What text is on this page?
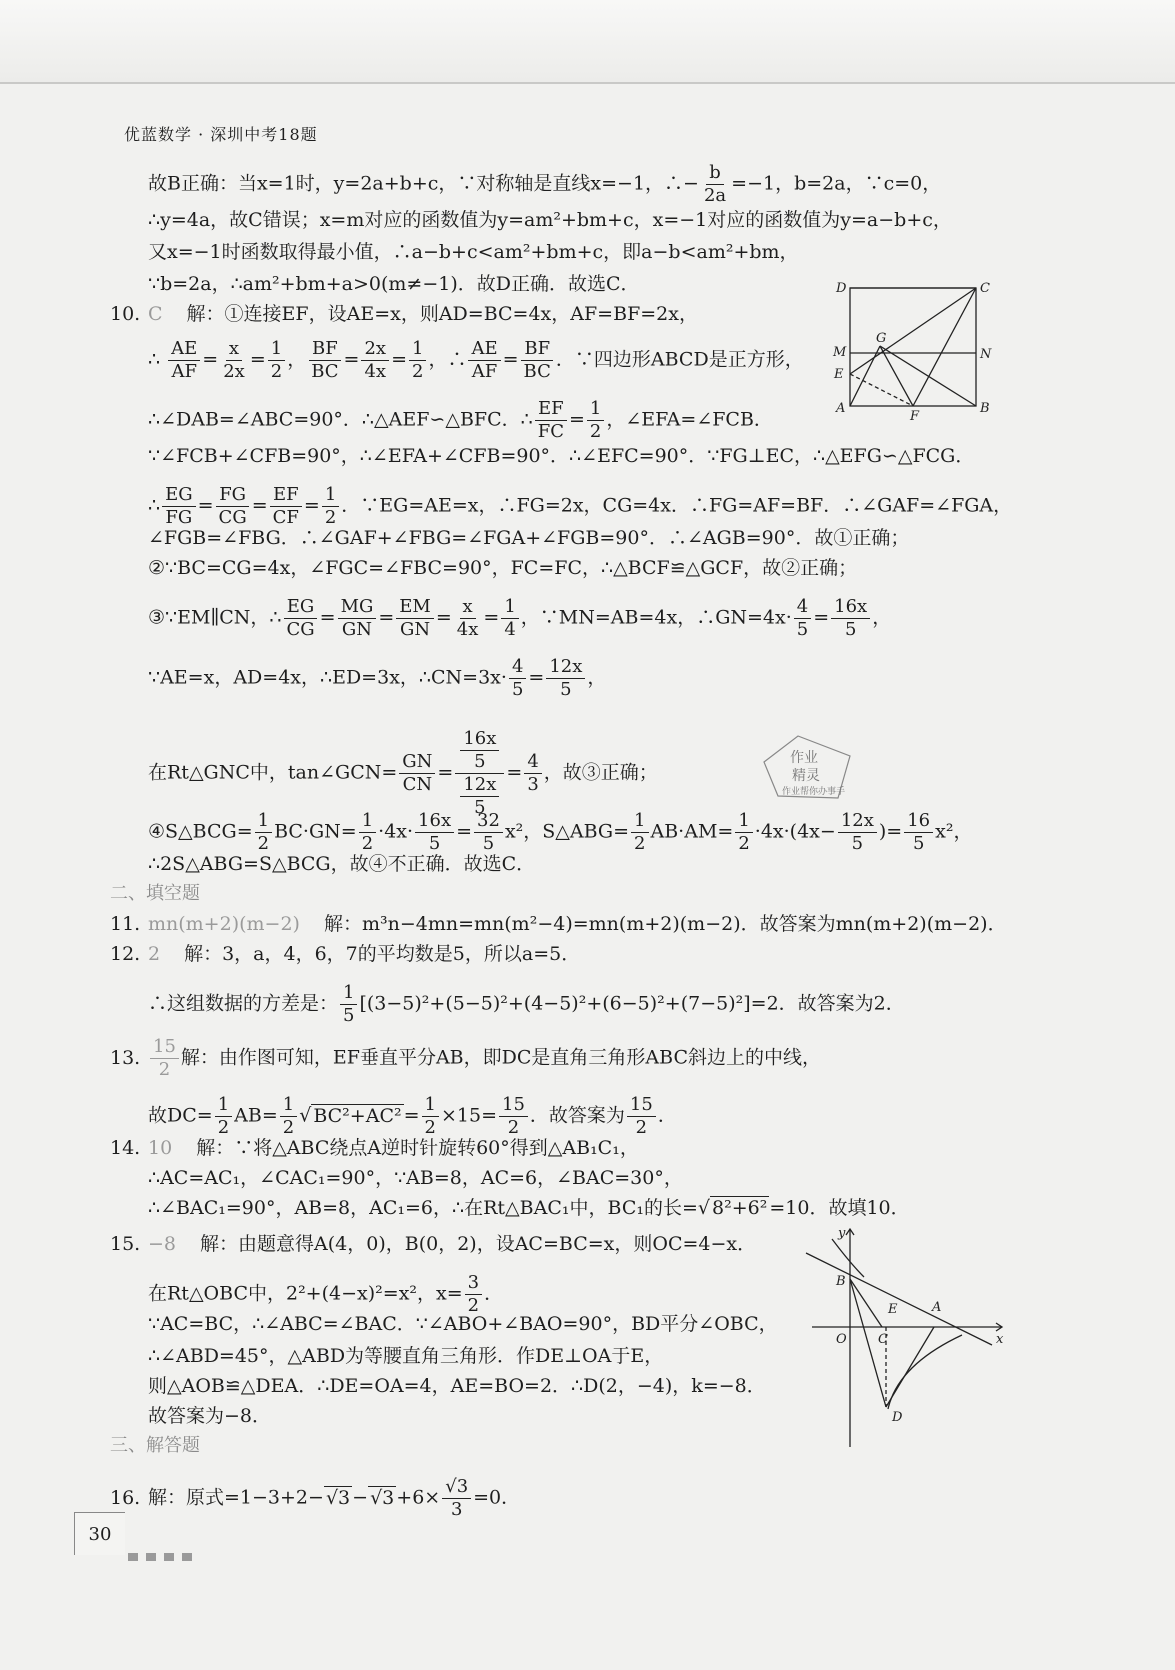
优蓝数学 · 深圳中考18题
故B正确：当x=1时，y=2a+b+c，∵对称轴是直线x=−1，∴− $\frac{b}{2a} =-1$，b=2a，∵c=0，
∴y=4a，故C错误；x=m对应的函数值为y=am²+bm+c，x=−1对应的函数值为y=a−b+c，
又x=−1时函数取得最小值，∴a−b+c<am²+bm+c，即a−b<am²+bm，
∵b=2a，∴am²+bm+a>0(m≠−1)．故D正确．故选C．
10. C 解：①连接EF，设AE=x，则AD=BC=4x，AF=BF=2x，
∴ $\frac{AE}{AF} = \frac{x}{2x} = \frac{1}{2}$ ， $\frac{BF}{BC} = \frac{2x}{4x} = \frac{1}{2}$ ，∴ $\frac{AE}{AF} = \frac{BF}{BC}$ ．∵四边形ABCD是正方形，
∴∠DAB=∠ABC=90°．∴△AEF∽△BFC．∴ $\frac{EF}{FC} = \frac{1}{2}$ ，∠EFA=∠FCB．
∵∠FCB+∠CFB=90°，∴∠EFA+∠CFB=90°．∴∠EFC=90°．∵FG⊥EC，∴△EFG∽△FCG．
∴ $\frac{EG}{FG} = \frac{FG}{CG} = \frac{EF}{CF} = \frac{1}{2}$ ．∵EG=AE=x，∴FG=2x，CG=4x．∴FG=AF=BF．∴∠GAF=∠FGA，
∠FGB=∠FBG．∴∠GAF+∠FBG=∠FGA+∠FGB=90°．∴∠AGB=90°．故①正确；
②∵BC=CG=4x，∠FGC=∠FBC=90°，FC=FC，∴△BCF≌△GCF，故②正确；
③∵EM∥CN，∴ $\frac{EG}{CG} = \frac{MG}{GN} = \frac{EM}{GN} = \frac{x}{4x} = \frac{1}{4}$ ，∵MN=AB=4x，∴GN=4x· $\frac{4}{5} = \frac{16x}{5}$ ，
∵AE=x，AD=4x，∴ED=3x，∴CN=3x· $\frac{4}{5} = \frac{12x}{5}$ ，
在Rt△GNC中，tan∠GCN= $\frac{GN}{CN} = \frac{\frac{16x}{5}}{\frac{12x}{5}} = \frac{4}{3}$ ，故③正确；
④S△BCG= $\frac{1}{2} BC\cdot GN= \frac{1}{2} \cdot 4x\cdot \frac{16x}{5} = \frac{32}{5} x^2$，S△ABG= $\frac{1}{2} AB\cdot AM= \frac{1}{2} \cdot 4x\cdot(4x- \frac{12x}{5}$ )= $\frac{16}{5} x^2$，
∴2S△ABG=S△BCG，故④不正确．故选C．
二、填空题
11. mn(m+2)(m−2) 解：m³n−4mn=mn(m²−4)=mn(m+2)(m−2)．故答案为mn(m+2)(m−2)．
12. 2 解：3，a，4，6，7的平均数是5，所以a=5．
∴这组数据的方差是： $\frac{1}{5} [(3-5)^2+(5-5)^2+(4-5)^2+(6-5)^2+(7-5)^2]=2$．故答案为2．
13. $\frac{15}{2}$ 解：由作图可知，EF垂直平分AB，即DC是直角三角形ABC斜边上的中线，
故$DC= \frac{1}{2} AB= \frac{1}{2}$ √ $BC^2+AC^2 = \frac{1}{2} \times 15= \frac{15}{2}$ ．故答案为 $\frac{15}{2}$ ．
14. 10 解：∵将△ABC绕点A逆时针旋转60°得到△AB₁C₁，
∴AC=AC₁，∠CAC₁=90°，∵AB=8，AC=6，∠BAC=30°，
∴∠BAC₁=90°，AB=8，AC₁=6，∴在Rt△BAC₁中，BC₁的长=√ 8²+6² =10．故填10．
15. −8 解：由题意得A(4，0)，B(0，2)，设AC=BC=x，则OC=4−x．
在Rt△OBC中，2²+(4−x)²=x²，$x= \frac{3}{2}$ ．
∵AC=BC，∴∠ABC=∠BAC．∵∠ABO+∠BAO=90°，BD平分∠OBC，
∴∠ABD=45°，△ABD为等腰直角三角形．作DE⊥OA于E，
则△AOB≌△DEA．∴DE=OA=4，AE=BO=2．∴D(2，−4)，k=−8．
故答案为−8．
三、解答题
16. 解：原式$=1-3+2- √3 - √3 +6\times \frac{√3}{3} =0$．
D	C
M
G
N
E
A
F
B
y
B
E	A
O C	x
D
作业
精灵
作业帮你办事手
30
